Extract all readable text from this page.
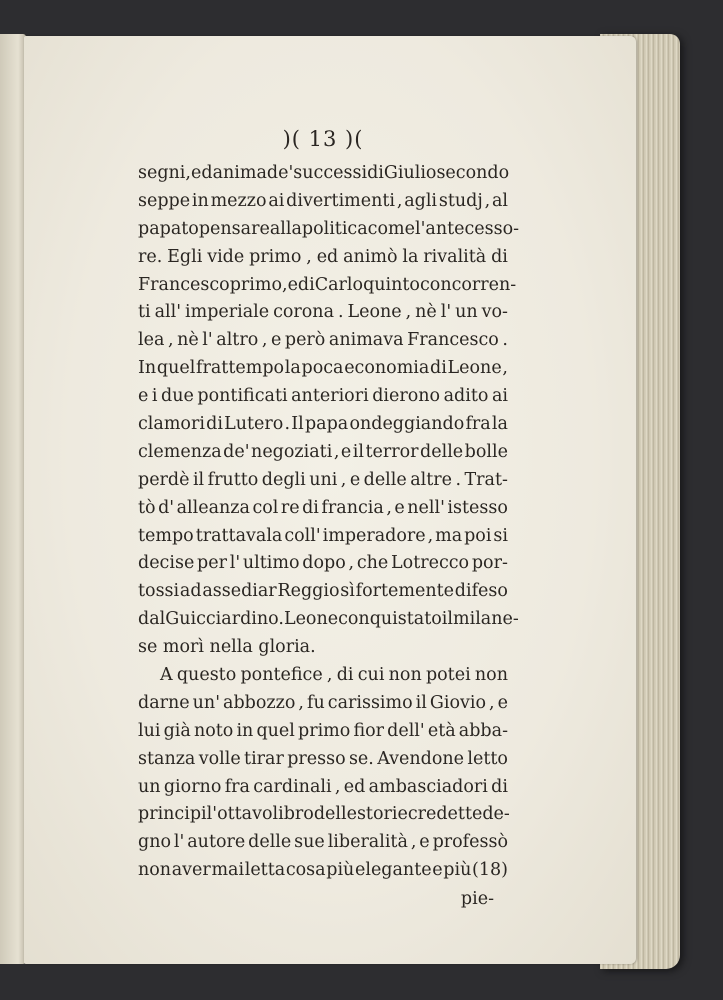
)( 13 )(
segni , ed anima de' successi di Giulio secondo
seppe in mezzo ai divertimenti , agli studj , al
papato pensare alla politica come l' antecesso-
re. Egli vide primo , ed animò la rivalità di
Francesco primo , e di Carlo quinto concorren-
ti all' imperiale corona . Leone , nè l' un vo-
lea , nè l' altro , e però animava Francesco .
In quel frattempo la poca economia di Leone ,
e i due pontificati anteriori dierono adito ai
clamori di Lutero . Il papa ondeggiando fra la
clemenza de' negoziati , e il terror delle bolle
perdè il frutto degli uni , e delle altre . Trat-
tò d' alleanza col re di francia , e nell' istesso
tempo trattavala coll' imperadore , ma poi si
decise per l' ultimo dopo , che Lotrecco por-
tossi ad assediar Reggio sì fortemente difeso
dal Guicciardino. Leone conquistato il milane-
se morì nella gloria.
A questo pontefice , di cui non potei non
darne un' abbozzo , fu carissimo il Giovio , e
lui già noto in quel primo fior dell' età abba-
stanza volle tirar presso se. Avendone letto
un giorno fra cardinali , ed ambasciadori di
principi l' ottavo libro delle storie credette de-
gno l' autore delle sue liberalità , e professò
non aver mai letta cosa più elegante e più (18)
pie-
